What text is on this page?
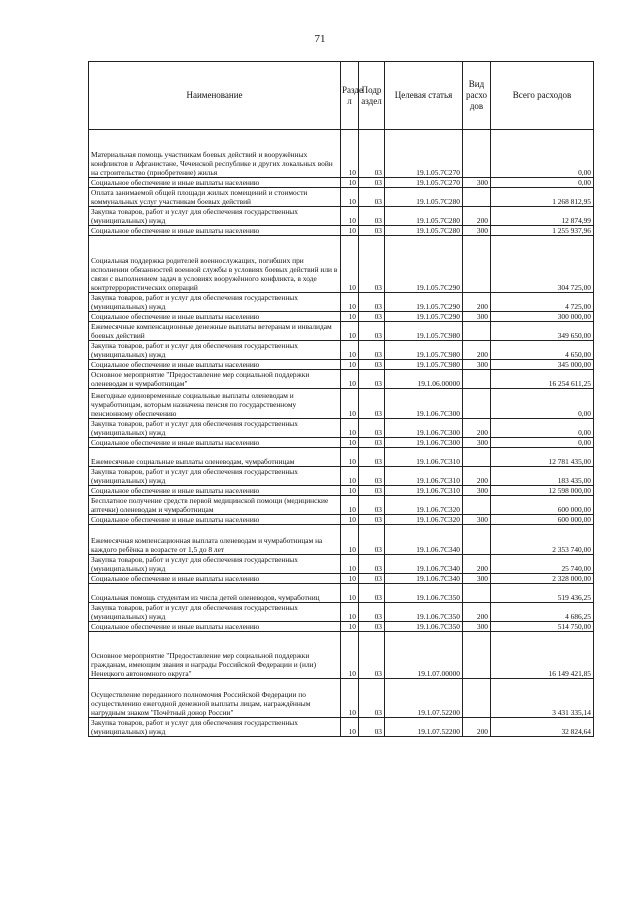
71
Наименование	Разде л	Подр аздел	Целевая статья	Вид расхо дов	Всего расходов
Материальная помощь участникам боевых действий и вооружённых конфликтов в Афганистане, Чеченской республике и других локальных войн на строительство (приобретение) жилья	10	03	19.1.05.7С270		0,00
Социальное обеспечение и иные выплаты населению	10	03	19.1.05.7С270	300	0,00
Оплата занимаемой общей площади жилых помещений и стоимости коммунальных услуг участникам боевых действий	10	03	19.1.05.7С280		1 268 812,95
Закупка товаров, работ и услуг для обеспечения государственных (муниципальных) нужд	10	03	19.1.05.7С280	200	12 874,99
Социальное обеспечение и иные выплаты населению	10	03	19.1.05.7С280	300	1 255 937,96
Социальная поддержка родителей военнослужащих, погибших при исполнении обязанностей военной службы в условиях боевых действий или в связи с выполнением задач в условиях вооружённого конфликта, в ходе контртеррористических операций	10	03	19.1.05.7С290		304 725,00
Закупка товаров, работ и услуг для обеспечения государственных (муниципальных) нужд	10	03	19.1.05.7С290	200	4 725,00
Социальное обеспечение и иные выплаты населению	10	03	19.1.05.7С290	300	300 000,00
Ежемесячные компенсационные денежные выплаты ветеранам и инвалидам боевых действий	10	03	19.1.05.7С980		349 650,00
Закупка товаров, работ и услуг для обеспечения государственных (муниципальных) нужд	10	03	19.1.05.7С980	200	4 650,00
Социальное обеспечение и иные выплаты населению	10	03	19.1.05.7С980	300	345 000,00
Основное мероприятие "Предоставление мер социальной поддержки оленеводам и чумработницам"	10	03	19.1.06.00000		16 254 611,25
Ежегодные единовременные социальные выплаты оленеводам и чумработницам, которым назначена пенсия по государственному пенсионному обеспечению	10	03	19.1.06.7С300		0,00
Закупка товаров, работ и услуг для обеспечения государственных (муниципальных) нужд	10	03	19.1.06.7С300	200	0,00
Социальное обеспечение и иные выплаты населению	10	03	19.1.06.7С300	300	0,00
Ежемесячные социальные выплаты оленеводам, чумработницам	10	03	19.1.06.7С310		12 781 435,00
Закупка товаров, работ и услуг для обеспечения государственных (муниципальных) нужд	10	03	19.1.06.7С310	200	183 435,00
Социальное обеспечение и иные выплаты населению	10	03	19.1.06.7С310	300	12 598 000,00
Бесплатное получение средств первой медицинской помощи (медицинские аптечки) оленеводам и чумработницам	10	03	19.1.06.7С320		600 000,00
Социальное обеспечение и иные выплаты населению	10	03	19.1.06.7С320	300	600 000,00
Ежемесячная компенсационная выплата оленеводам и чумработницам на каждого ребёнка в возрасте от 1,5 до 8 лет	10	03	19.1.06.7С340		2 353 740,00
Закупка товаров, работ и услуг для обеспечения государственных (муниципальных) нужд	10	03	19.1.06.7С340	200	25 740,00
Социальное обеспечение и иные выплаты населению	10	03	19.1.06.7С340	300	2 328 000,00
Социальная помощь студентам из числа детей оленеводов, чумработниц	10	03	19.1.06.7С350		519 436,25
Закупка товаров, работ и услуг для обеспечения государственных (муниципальных) нужд	10	03	19.1.06.7С350	200	4 686,25
Социальное обеспечение и иные выплаты населению	10	03	19.1.06.7С350	300	514 750,00
Основное мероприятие "Предоставление мер социальной поддержки гражданам, имеющим звания и награды Российской Федерации и (или) Ненецкого автономного округа"	10	03	19.1.07.00000		16 149 421,85
Осуществление переданного полномочия Российской Федерации по осуществлению ежегодной денежной выплаты лицам, награждённым нагрудным знаком "Почётный донор России"	10	03	19.1.07.52200		3 431 335,14
Закупка товаров, работ и услуг для обеспечения государственных (муниципальных) нужд	10	03	19.1.07.52200	200	32 824,64
